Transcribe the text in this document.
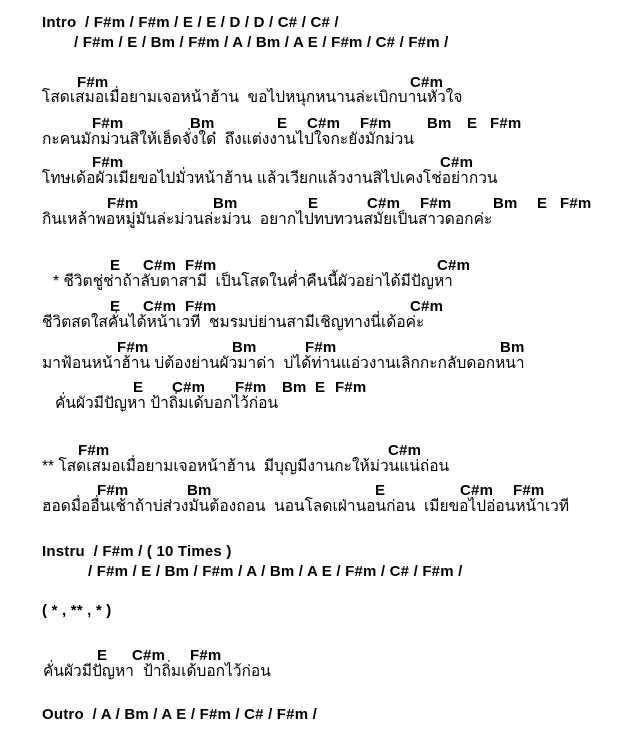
Intro  / F#m / F#m / E / E / D / D / C# / C# /
/ F#m / E / Bm / F#m / A / Bm / A E / F#m / C# / F#m /
F#m	C#m
โสดเสมอเมื่อยามเจอหน้าฮ้าน  ขอไปหนุกหนานล่ะเบิกบานหัวใจ
F#m	Bm	E C#m F#m Bm E F#m
กะคนมักม่วนสิให้เฮ็ดจั่งใด๋  ถึงแต่งงานไปใจกะยังมักม่วน
F#m	C#m
โทษเด้อผัวเมียขอไปมั่วหน้าฮ้าน แล้วเวียกแล้วงานสิไปเคงโช่อย่ากวน
F#m	Bm	E	C#m F#m	Bm E F#m
กินเหล้าพอหมู่มันล่ะม่วนล่ะม่วน  อยากไปทบทวนสมัยเป็นสาวดอกค่ะ
E C#m F#m	C#m
* ชีวิตชู่ช่าถ้าลับตาสามี  เป็นโสดในค่ำคืนนี้ผัวอย่าได้มีปัญหา
E C#m F#m	C#m
ชีวิตสดใสคั่นได้หน้าเวที  ชมรมบ่ย่านสามีเชิญทางนี่เด้อค่ะ
F#m	Bm	F#m	Bm
มาฟ้อนหน้าฮ้าน บ่ต้องย่านผัวมาด่า  บ่ได้ท่านแอ่วงานเลิกกะกลับดอกหนา
E C#m F#m Bm E F#m
คั่นผัวมีปัญหา ป้าถิ่มเด้บอกไว้ก่อน
F#m	C#m
** โสดเสมอเมื่อยามเจอหน้าฮ้าน  มีบุญมีงานกะให้ม่วนแน่ถ่อน
F#m	Bm	E	C#m F#m
ฮอดมื่ออื่นเช้าถ้าบ่ส่วงมันต้องถอน  นอนโลดเฝ่านอนก่อน  เมียขอไปอ่อนหน้าเวที
Instru  / F#m / ( 10 Times )
/ F#m / E / Bm / F#m / A / Bm / A E / F#m / C# / F#m /
( * , ** , * )
E C#m F#m
คั่นผัวมีปัญหา ป้าถิ่มเด้บอกไว้ก่อน
Outro  / A / Bm / A E / F#m / C# / F#m /
